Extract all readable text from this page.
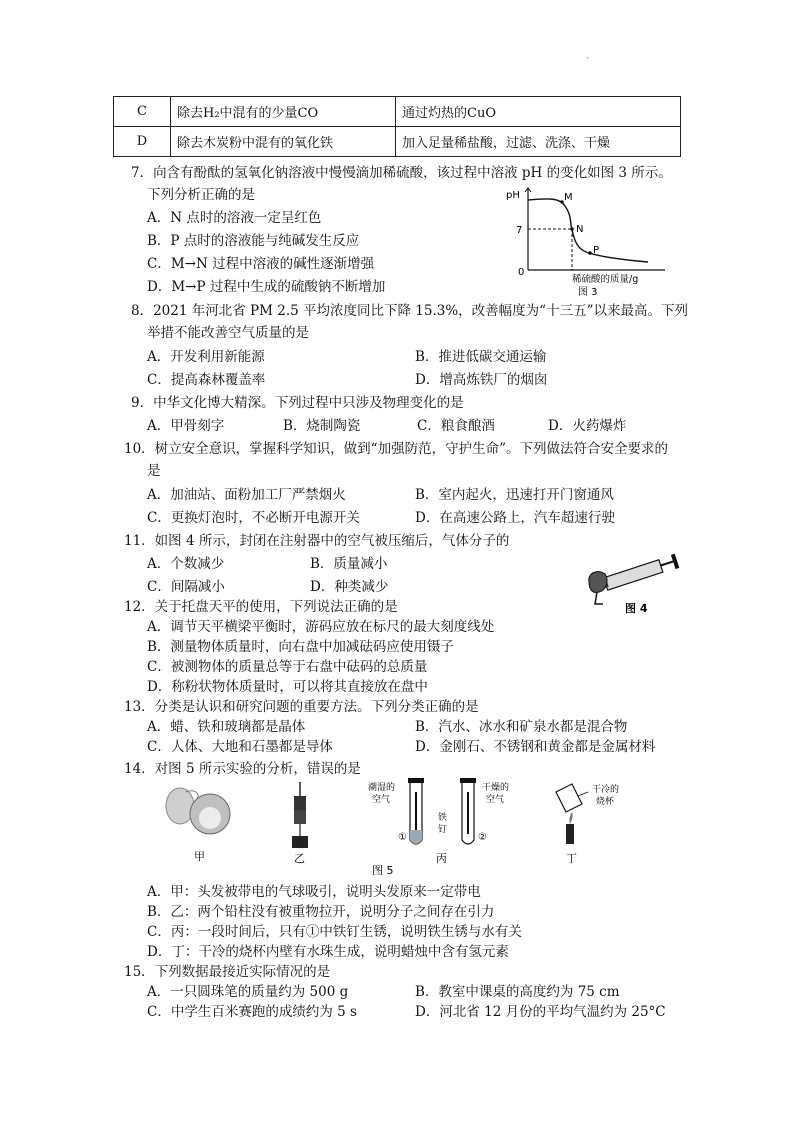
·
C	除去H₂中混有的少量CO	通过灼热的CuO
D	除去木炭粉中混有的氧化铁	加入足量稀盐酸，过滤、洗涤、干燥
7．向含有酚酞的氢氧化钠溶液中慢慢滴加稀硫酸，该过程中溶液 pH 的变化如图 3 所示。
下列分析正确的是
A．N 点时的溶液一定呈红色
B．P 点时的溶液能与纯碱发生反应
C．M→N 过程中溶液的碱性逐渐增强
D．M→P 过程中生成的硫酸钠不断增加
pH
7
0
M
N
P
稀硫酸的质量/g
图 3
8．2021 年河北省 PM 2.5 平均浓度同比下降 15.3%，改善幅度为“十三五”以来最高。下列
举措不能改善空气质量的是
A．开发利用新能源	B．推进低碳交通运输
C．提高森林覆盖率	D．增高炼铁厂的烟囱
9．中华文化博大精深。下列过程中只涉及物理变化的是
A．甲骨刻字	B．烧制陶瓷	C．粮食酿酒	D．火药爆炸
10．树立安全意识，掌握科学知识，做到“加强防范，守护生命”。下列做法符合安全要求的
是
A．加油站、面粉加工厂严禁烟火	B．室内起火，迅速打开门窗通风
C．更换灯泡时，不必断开电源开关	D．在高速公路上，汽车超速行驶
11．如图 4 所示，封闭在注射器中的空气被压缩后，气体分子的
A．个数减少	B．质量减小
C．间隔减小	D．种类减少
图 4
12．关于托盘天平的使用，下列说法正确的是
A．调节天平横梁平衡时，游码应放在标尺的最大刻度线处
B．测量物体质量时，向右盘中加减砝码应使用镊子
C．被测物体的质量总等于右盘中砝码的总质量
D．称粉状物体质量时，可以将其直接放在盘中
13．分类是认识和研究问题的重要方法。下列分类正确的是
A．蜡、铁和玻璃都是晶体	B．汽水、冰水和矿泉水都是混合物
C．人体、大地和石墨都是导体	D．金刚石、不锈钢和黄金都是金属材料
14．对图 5 所示实验的分析，错误的是
甲	乙
潮湿的
空气
①
铁
钉
②
干燥的
空气
丙
干冷的
烧杯
丁
图 5
A．甲：头发被带电的气球吸引，说明头发原来一定带电
B．乙：两个铅柱没有被重物拉开，说明分子之间存在引力
C．丙：一段时间后，只有①中铁钉生锈，说明铁生锈与水有关
D．丁：干冷的烧杯内壁有水珠生成，说明蜡烛中含有氢元素
15．下列数据最接近实际情况的是
A．一只圆珠笔的质量约为 500 g	B．教室中课桌的高度约为 75 cm
C．中学生百米赛跑的成绩约为 5 s	D．河北省 12 月份的平均气温约为 25°C
